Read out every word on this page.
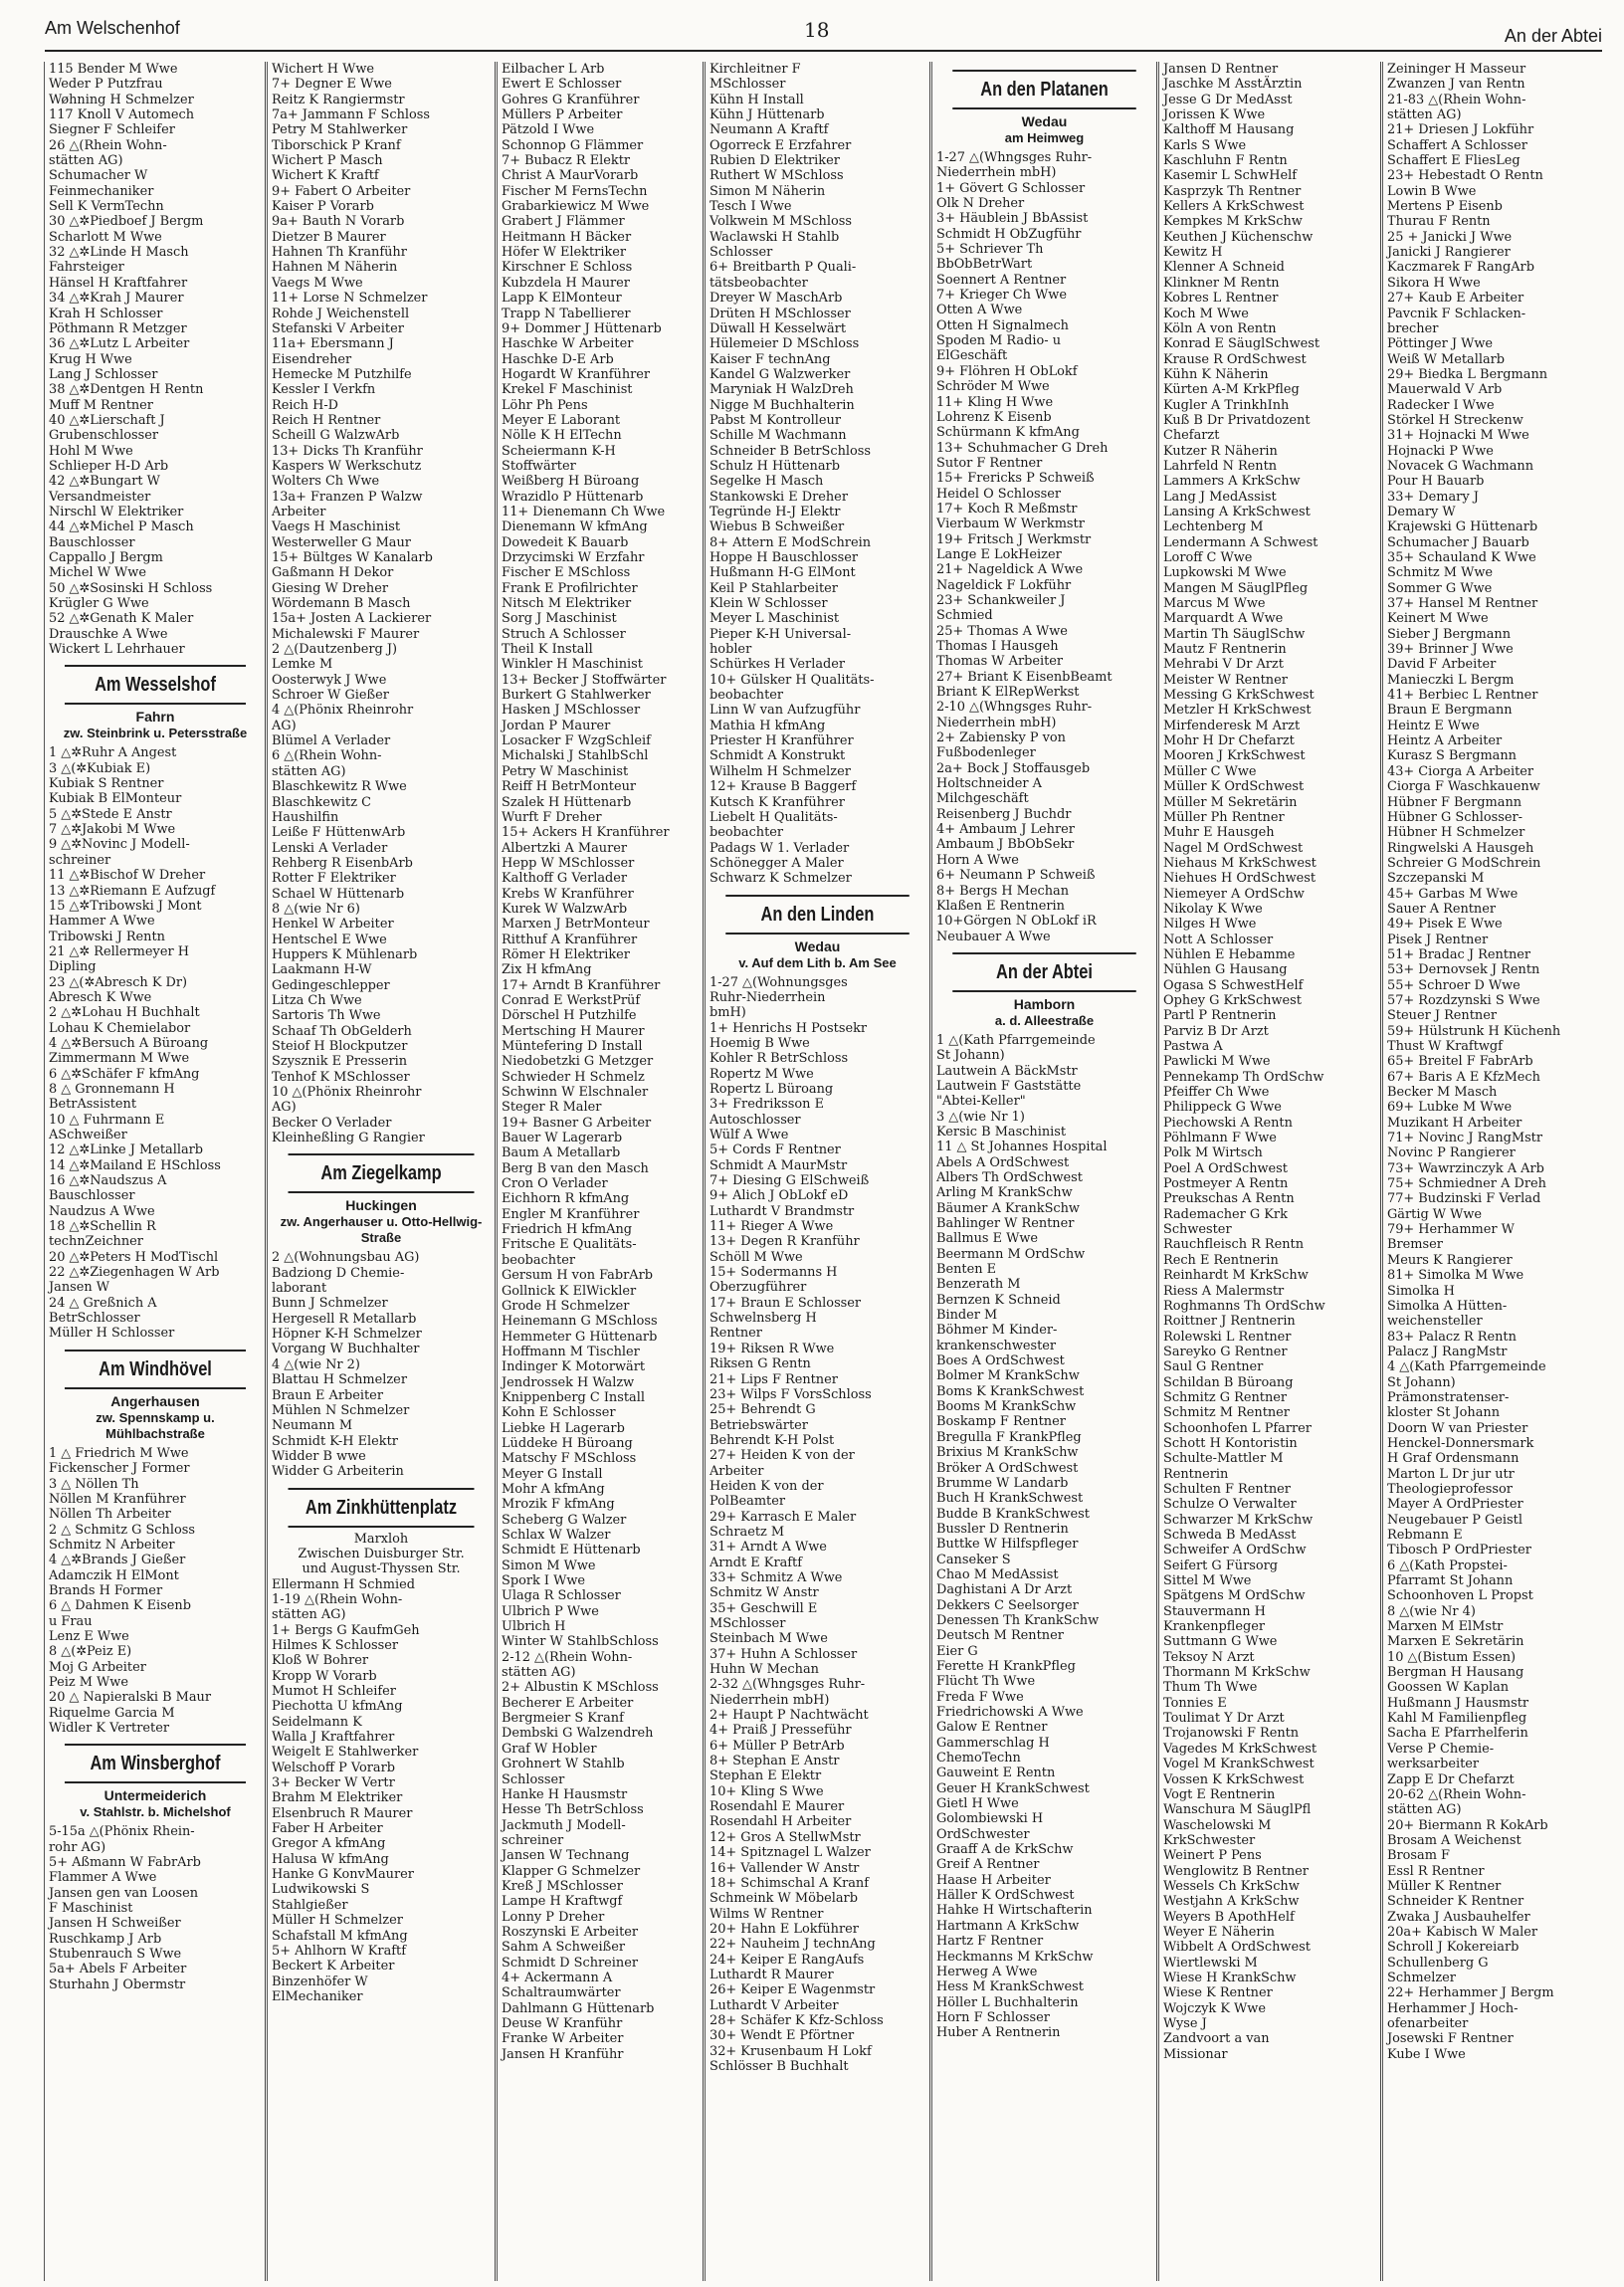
Am Welschenhof	18	An der Abtei
115 Bender M Wwe
Weder P Putzfrau
Wøhning H Schmelzer
117 Knoll V Automech
Siegner F Schleifer
26 △(Rhein Wohn-
stätten AG)
Schumacher W
Feinmechaniker
Sell K VermTechn
30 △✲Piedboef J Bergm
Scharlott M Wwe
32 △✲Linde H Masch
Fahrsteiger
Hänsel H Kraftfahrer
34 △✲Krah J Maurer
Krah H Schlosser
Pöthmann R Metzger
36 △✲Lutz L Arbeiter
Krug H Wwe
Lang J Schlosser
38 △✲Dentgen H Rentn
Muff M Rentner
40 △✲Lierschaft J
Grubenschlosser
Hohl M Wwe
Schlieper H-D Arb
42 △✲Bungart W
Versandmeister
Nirschl W Elektriker
44 △✲Michel P Masch
Bauschlosser
Cappallo J Bergm
Michel W Wwe
50 △✲Sosinski H Schloss
Krügler G Wwe
52 △✲Genath K Maler
Drauschke A Wwe
Wickert L Lehrhauer
Am Wesselshof
Fahrn
zw. Steinbrink u. Petersstraße
1 △✲Ruhr A Angest
3 △(✲Kubiak E)
Kubiak S Rentner
Kubiak B ElMonteur
5 △✲Stede E Anstr
7 △✲Jakobi M Wwe
9 △✲Novinc J Modell-
schreiner
11 △✲Bischof W Dreher
13 △✲Riemann E Aufzugf
15 △✲Tribowski J Mont
Hammer A Wwe
Tribowski J Rentn
21 △✲ Rellermeyer H
Dipling
23 △(✲Abresch K Dr)
Abresch K Wwe
2 △✲Lohau H Buchhalt
Lohau K Chemielabor
4 △✲Bersuch A Büroang
Zimmermann M Wwe
6 △✲Schäfer F kfmAng
8 △ Gronnemann H
BetrAssistent
10 △ Fuhrmann E
ASchweißer
12 △✲Linke J Metallarb
14 △✲Mailand E HSchloss
16 △✲Naudszus A
Bauschlosser
Naudzus A Wwe
18 △✲Schellin R
technZeichner
20 △✲Peters H ModTischl
22 △✲Ziegenhagen W Arb
Jansen W
24 △ Greßnich A
BetrSchlosser
Müller H Schlosser
Am Windhövel
Angerhausen
zw. Spennskamp u. Mühlbachstraße
1 △ Friedrich M Wwe
Fickenscher J Former
3 △ Nöllen Th
Nöllen M Kranführer
Nöllen Th Arbeiter
2 △ Schmitz G Schloss
Schmitz N Arbeiter
4 △✲Brands J Gießer
Adamczik H ElMont
Brands H Former
6 △ Dahmen K Eisenb
u Frau
Lenz E Wwe
8 △(✲Peiz E)
Moj G Arbeiter
Peiz M Wwe
20 △ Napieralski B Maur
Riquelme Garcia M
Widler K Vertreter
Am Winsberghof
Untermeiderich
v. Stahlstr. b. Michelshof
5-15a △(Phönix Rhein-
rohr AG)
5+ Aßmann W FabrArb
Flammer A Wwe
Jansen gen van Loosen
F Maschinist
Jansen H Schweißer
Ruschkamp J Arb
Stubenrauch S Wwe
5a+ Abels F Arbeiter
Sturhahn J Obermstr
Wichert H Wwe
7+ Degner E Wwe
Reitz K Rangiermstr
7a+ Jammann F Schloss
Petry M Stahlwerker
Tiborschick P Kranf
Wichert P Masch
Wichert K Kraftf
9+ Fabert O Arbeiter
Kaiser P Vorarb
9a+ Bauth N Vorarb
Dietzer B Maurer
Hahnen Th Kranführ
Hahnen M Näherin
Vaegs M Wwe
11+ Lorse N Schmelzer
Rohde J Weichenstell
Stefanski V Arbeiter
11a+ Ebersmann J
Eisendreher
Hemecke M Putzhilfe
Kessler I Verkfn
Reich H-D
Reich H Rentner
Scheill G WalzwArb
13+ Dicks Th Kranführ
Kaspers W Werkschutz
Wolters Ch Wwe
13a+ Franzen P Walzw
Arbeiter
Vaegs H Maschinist
Westerweller G Maur
15+ Bültges W Kanalarb
Gaßmann H Dekor
Giesing W Dreher
Wördemann B Masch
15a+ Josten A Lackierer
Michalewski F Maurer
2 △(Dautzenberg J)
Lemke M
Oosterwyk J Wwe
Schroer W Gießer
4 △(Phönix Rheinrohr
AG)
Blümel A Verlader
6 △(Rhein Wohn-
stätten AG)
Blaschkewitz R Wwe
Blaschkewitz C
Haushilfin
Leiße F HüttenwArb
Lenski A Verlader
Rehberg R EisenbArb
Rotter F Elektriker
Schael W Hüttenarb
8 △(wie Nr 6)
Henkel W Arbeiter
Hentschel E Wwe
Huppers K Mühlenarb
Laakmann H-W
Gedingeschlepper
Litza Ch Wwe
Sartoris Th Wwe
Schaaf Th ObGelderh
Steiof H Blockputzer
Szysznik E Presserin
Tenhof K MSchlosser
10 △(Phönix Rheinrohr
AG)
Becker O Verlader
Kleinheßling G Rangier
Am Ziegelkamp
Huckingen
zw. Angerhauser u. Otto-Hellwig-Straße
2 △(Wohnungsbau AG)
Badziong D Chemie-
laborant
Bunn J Schmelzer
Hergesell R Metallarb
Höpner K-H Schmelzer
Vorgang W Buchhalter
4 △(wie Nr 2)
Blattau H Schmelzer
Braun E Arbeiter
Mühlen N Schmelzer
Neumann M
Schmidt K-H Elektr
Widder B wwe
Widder G Arbeiterin
Am Zinkhüttenplatz
Marxloh
Zwischen Duisburger Str.
und August-Thyssen Str.
Ellermann H Schmied
1-19 △(Rhein Wohn-
stätten AG)
1+ Bergs G KaufmGeh
Hilmes K Schlosser
Kloß W Bohrer
Kropp W Vorarb
Mumot H Schleifer
Piechotta U kfmAng
Seidelmann K
Walla J Kraftfahrer
Weigelt E Stahlwerker
Welschoff P Vorarb
3+ Becker W Vertr
Brahm M Elektriker
Elsenbruch R Maurer
Faber H Arbeiter
Gregor A kfmAng
Halusa W kfmAng
Hanke G KonvMaurer
Ludwikowski S
Stahlgießer
Müller H Schmelzer
Schafstall M kfmAng
5+ Ahlhorn W Kraftf
Beckert K Arbeiter
Binzenhöfer W
ElMechaniker
Eilbacher L Arb
Ewert E Schlosser
Gohres G Kranführer
Müllers P Arbeiter
Pätzold I Wwe
Schonnop G Flämmer
7+ Bubacz R Elektr
Christ A MaurVorarb
Fischer M FernsTechn
Grabarkiewicz M Wwe
Grabert J Flämmer
Heitmann H Bäcker
Höfer W Elektriker
Kirschner E Schloss
Kubzdela H Maurer
Lapp K ElMonteur
Trapp N Tabellierer
9+ Dommer J Hüttenarb
Haschke W Arbeiter
Haschke D-E Arb
Hogardt W Kranführer
Krekel F Maschinist
Löhr Ph Pens
Meyer E Laborant
Nölle K H ElTechn
Scheiermann K-H
Stoffwärter
Weißberg H Büroang
Wrazidlo P Hüttenarb
11+ Dienemann Ch Wwe
Dienemann W kfmAng
Dowedeit K Bauarb
Drzycimski W Erzfahr
Fischer E MSchloss
Frank E Profilrichter
Nitsch M Elektriker
Sorg J Maschinist
Struch A Schlosser
Theil K Install
Winkler H Maschinist
13+ Becker J Stoffwärter
Burkert G Stahlwerker
Hasken J MSchlosser
Jordan P Maurer
Losacker F WzgSchleif
Michalski J StahlbSchl
Petry W Maschinist
Reiff H BetrMonteur
Szalek H Hüttenarb
Wurft F Dreher
15+ Ackers H Kranführer
Albertzki A Maurer
Hepp W MSchlosser
Kalthoff G Verlader
Krebs W Kranführer
Kurek W WalzwArb
Marxen J BetrMonteur
Ritthuf A Kranführer
Römer H Elektriker
Zix H kfmAng
17+ Arndt B Kranführer
Conrad E WerkstPrüf
Dörschel H Putzhilfe
Mertsching H Maurer
Müntefering D Install
Niedobetzki G Metzger
Schwieder H Schmelz
Schwinn W Elschnaler
Steger R Maler
19+ Basner G Arbeiter
Bauer W Lagerarb
Baum A Metallarb
Berg B van den Masch
Cron O Verlader
Eichhorn R kfmAng
Engler M Kranführer
Friedrich H kfmAng
Fritsche E Qualitäts-
beobachter
Gersum H von FabrArb
Gollnick K ElWickler
Grode H Schmelzer
Heinemann G MSchloss
Hemmeter G Hüttenarb
Hoffmann M Tischler
Indinger K Motorwärt
Jendrossek H Walzw
Knippenberg C Install
Kohn E Schlosser
Liebke H Lagerarb
Lüddeke H Büroang
Matschy F MSchloss
Meyer G Install
Mohr A kfmAng
Mrozik F kfmAng
Scheberg G Walzer
Schlax W Walzer
Schmidt E Hüttenarb
Simon M Wwe
Spork I Wwe
Ulaga R Schlosser
Ulbrich P Wwe
Ulbrich H
Winter W StahlbSchloss
2-12 △(Rhein Wohn-
stätten AG)
2+ Albustin K MSchloss
Becherer E Arbeiter
Bergmeier S Kranf
Dembski G Walzendreh
Graf W Hobler
Grohnert W Stahlb
Schlosser
Hanke H Hausmstr
Hesse Th BetrSchloss
Jackmuth J Modell-
schreiner
Jansen W Technang
Klapper G Schmelzer
Kreß J MSchlosser
Lampe H Kraftwgf
Lonny P Dreher
Roszynski E Arbeiter
Sahm A Schweißer
Schmidt D Schreiner
4+ Ackermann A
Schaltraumwärter
Dahlmann G Hüttenarb
Deuse W Kranführ
Franke W Arbeiter
Jansen H Kranführ
Kirchleitner F
MSchlosser
Kühn H Install
Kühn J Hüttenarb
Neumann A Kraftf
Ogorreck E Erzfahrer
Rubien D Elektriker
Ruthert W MSchloss
Simon M Näherin
Tesch I Wwe
Volkwein M MSchloss
Waclawski H Stahlb
Schlosser
6+ Breitbarth P Quali-
tätsbeobachter
Dreyer W MaschArb
Drüten H MSchlosser
Düwall H Kesselwärt
Hülemeier D MSchloss
Kaiser F technAng
Kandel G Walzwerker
Maryniak H WalzDreh
Nigge M Buchhalterin
Pabst M Kontrolleur
Schille M Wachmann
Schneider B BetrSchloss
Schulz H Hüttenarb
Segelke H Masch
Stankowski E Dreher
Tegründe H-J Elektr
Wiebus B Schweißer
8+ Attern E ModSchrein
Hoppe H Bauschlosser
Hußmann H-G ElMont
Keil P Stahlarbeiter
Klein W Schlosser
Meyer L Maschinist
Pieper K-H Universal-
hobler
Schürkes H Verlader
10+ Gülsker H Qualitäts-
beobachter
Linn W van Aufzugführ
Mathia H kfmAng
Priester H Kranführer
Schmidt A Konstrukt
Wilhelm H Schmelzer
12+ Krause B Baggerf
Kutsch K Kranführer
Liebelt H Qualitäts-
beobachter
Padags W 1. Verlader
Schönegger A Maler
Schwarz K Schmelzer
An den Linden
Wedau
v. Auf dem Lith b. Am See
1-27 △(Wohnungsges
Ruhr-Niederrhein
bmH)
1+ Henrichs H Postsekr
Hoemig B Wwe
Kohler R BetrSchloss
Ropertz M Wwe
Ropertz L Büroang
3+ Fredriksson E
Autoschlosser
Wülf A Wwe
5+ Cords F Rentner
Schmidt A MaurMstr
7+ Diesing G ElSchweiß
9+ Alich J ObLokf eD
Luthardt V Brandmstr
11+ Rieger A Wwe
13+ Degen R Kranführ
Schöll M Wwe
15+ Sodermanns H
Oberzugführer
17+ Braun E Schlosser
Schwelnsberg H
Rentner
19+ Riksen R Wwe
Riksen G Rentn
21+ Lips F Rentner
23+ Wilps F VorsSchloss
25+ Behrendt G
Betriebswärter
Behrendt K-H Polst
27+ Heiden K von der
Arbeiter
Heiden K von der
PolBeamter
29+ Karrasch E Maler
Schraetz M
31+ Arndt A Wwe
Arndt E Kraftf
33+ Schmitz A Wwe
Schmitz W Anstr
35+ Geschwill E
MSchlosser
Steinbach M Wwe
37+ Huhn A Schlosser
Huhn W Mechan
2-32 △(Whngsges Ruhr-
Niederrhein mbH)
2+ Haupt P Nachtwächt
4+ Praiß J Presseführ
6+ Müller P BetrArb
8+ Stephan E Anstr
Stephan E Elektr
10+ Kling S Wwe
Rosendahl E Maurer
Rosendahl H Arbeiter
12+ Gros A StellwMstr
14+ Spitznagel L Walzer
16+ Vallender W Anstr
18+ Schimschal A Kranf
Schmeink W Möbelarb
Wilms W Rentner
20+ Hahn E Lokführer
22+ Nauheim J technAng
24+ Keiper E RangAufs
Luthardt R Maurer
26+ Keiper E Wagenmstr
Luthardt V Arbeiter
28+ Schäfer K Kfz-Schloss
30+ Wendt E Pförtner
32+ Krusenbaum H Lokf
Schlösser B Buchhalt
An den Platanen
Wedau
am Heimweg
1-27 △(Whngsges Ruhr-
Niederrhein mbH)
1+ Gövert G Schlosser
Olk N Dreher
3+ Häublein J BbAssist
Schmidt H ObZugführ
5+ Schriever Th
BbObBetrWart
Soennert A Rentner
7+ Krieger Ch Wwe
Otten A Wwe
Otten H Signalmech
Spoden M Radio- u
ElGeschäft
9+ Flöhren H ObLokf
Schröder M Wwe
11+ Kling H Wwe
Lohrenz K Eisenb
Schürmann K kfmAng
13+ Schuhmacher G Dreh
Sutor F Rentner
15+ Frericks P Schweiß
Heidel O Schlosser
17+ Koch R Meßmstr
Vierbaum W Werkmstr
19+ Fritsch J Werkmstr
Lange E LokHeizer
21+ Nageldick A Wwe
Nageldick F Lokführ
23+ Schankweiler J
Schmied
25+ Thomas A Wwe
Thomas I Hausgeh
Thomas W Arbeiter
27+ Briant K EisenbBeamt
Briant K ElRepWerkst
2-10 △(Whngsges Ruhr-
Niederrhein mbH)
2+ Zabiensky P von
Fußbodenleger
2a+ Bock J Stoffausgeb
Holtschneider A
Milchgeschäft
Reisenberg J Buchdr
4+ Ambaum J Lehrer
Ambaum J BbObSekr
Horn A Wwe
6+ Neumann P Schweiß
8+ Bergs H Mechan
Klaßen E Rentnerin
10+Görgen N ObLokf iR
Neubauer A Wwe
An der Abtei
Hamborn
a. d. Alleestraße
1 △(Kath Pfarrgemeinde
St Johann)
Lautwein A BäckMstr
Lautwein F Gaststätte
"Abtei-Keller"
3 △(wie Nr 1)
Kersic B Maschinist
11 △ St Johannes Hospital
Abels A OrdSchwest
Albers Th OrdSchwest
Arling M KrankSchw
Bäumer A KrankSchw
Bahlinger W Rentner
Ballmus E Wwe
Beermann M OrdSchw
Benten E
Benzerath M
Bernzen K Schneid
Binder M
Böhmer M Kinder-
krankenschwester
Boes A OrdSchwest
Bolmer M KrankSchw
Boms K KrankSchwest
Booms M KrankSchw
Boskamp F Rentner
Bregulla F KrankPfleg
Brixius M KrankSchw
Bröker A OrdSchwest
Brumme W Landarb
Buch H KrankSchwest
Budde B KrankSchwest
Bussler D Rentnerin
Buttke W Hilfspfleger
Canseker S
Chao M MedAssist
Daghistani A Dr Arzt
Dekkers C Seelsorger
Denessen Th KrankSchw
Deutsch M Rentner
Eier G
Ferette H KrankPfleg
Flücht Th Wwe
Freda F Wwe
Friedrichowski A Wwe
Galow E Rentner
Gammerschlag H
ChemoTechn
Gauweint E Rentn
Geuer H KrankSchwest
Gietl H Wwe
Golombiewski H
OrdSchwester
Graaff A de KrkSchw
Greif A Rentner
Haase H Arbeiter
Häller K OrdSchwest
Hahke H Wirtschafterin
Hartmann A KrkSchw
Hartz F Rentner
Heckmanns M KrkSchw
Herweg A Wwe
Hess M KrankSchwest
Höller L Buchhalterin
Horn F Schlosser
Huber A Rentnerin
Jansen D Rentner
Jaschke M AsstÄrztin
Jesse G Dr MedAsst
Jorissen K Wwe
Kalthoff M Hausang
Karls S Wwe
Kaschluhn F Rentn
Kasemir L SchwHelf
Kasprzyk Th Rentner
Kellers A KrkSchwest
Kempkes M KrkSchw
Keuthen J Küchenschw
Kewitz H
Klenner A Schneid
Klinkner M Rentn
Kobres L Rentner
Koch M Wwe
Köln A von Rentn
Konrad E SäuglSchwest
Krause R OrdSchwest
Kühn K Näherin
Kürten A-M KrkPfleg
Kugler A TrinkhInh
Kuß B Dr Privatdozent
Chefarzt
Kutzer R Näherin
Lahrfeld N Rentn
Lammers A KrkSchw
Lang J MedAssist
Lansing A KrkSchwest
Lechtenberg M
Lendermann A Schwest
Loroff C Wwe
Lupkowski M Wwe
Mangen M SäuglPfleg
Marcus M Wwe
Marquardt A Wwe
Martin Th SäuglSchw
Mautz F Rentnerin
Mehrabi V Dr Arzt
Meister W Rentner
Messing G KrkSchwest
Metzler H KrkSchwest
Mirfenderesk M Arzt
Mohr H Dr Chefarzt
Mooren J KrkSchwest
Müller C Wwe
Müller K OrdSchwest
Müller M Sekretärin
Müller Ph Rentner
Muhr E Hausgeh
Nagel M OrdSchwest
Niehaus M KrkSchwest
Niehues H OrdSchwest
Niemeyer A OrdSchw
Nikolay K Wwe
Nilges H Wwe
Nott A Schlosser
Nühlen E Hebamme
Nühlen G Hausang
Ogasa S SchwestHelf
Ophey G KrkSchwest
Partl P Rentnerin
Parviz B Dr Arzt
Pastwa A
Pawlicki M Wwe
Pennekamp Th OrdSchw
Pfeiffer Ch Wwe
Philippeck G Wwe
Piechowski A Rentn
Pöhlmann F Wwe
Polk M Wirtsch
Poel A OrdSchwest
Postmeyer A Rentn
Preukschas A Rentn
Rademacher G Krk
Schwester
Rauchfleisch R Rentn
Rech E Rentnerin
Reinhardt M KrkSchw
Riess A Malermstr
Roghmanns Th OrdSchw
Roittner J Rentnerin
Rolewski L Rentner
Sareyko G Rentner
Saul G Rentner
Schildan B Büroang
Schmitz G Rentner
Schmitz M Rentner
Schoonhofen L Pfarrer
Schott H Kontoristin
Schulte-Mattler M
Rentnerin
Schulten F Rentner
Schulze O Verwalter
Schwarzer M KrkSchw
Schweda B MedAsst
Schweifer A OrdSchw
Seifert G Fürsorg
Sittel M Wwe
Spätgens M OrdSchw
Stauvermann H
Krankenpfleger
Suttmann G Wwe
Teksoy N Arzt
Thormann M KrkSchw
Thum Th Wwe
Tonnies E
Toulimat Y Dr Arzt
Trojanowski F Rentn
Vagedes M KrkSchwest
Vogel M KrankSchwest
Vossen K KrkSchwest
Vogt E Rentnerin
Wanschura M SäuglPfl
Waschelowski M
KrkSchwester
Weinert P Pens
Wenglowitz B Rentner
Wessels Ch KrkSchw
Westjahn A KrkSchw
Weyers B ApothHelf
Weyer E Näherin
Wibbelt A OrdSchwest
Wiertlewski M
Wiese H KrankSchw
Wiese K Rentner
Wojczyk K Wwe
Wyse J
Zandvoort a van
Missionar
Zeininger H Masseur
Zwanzen J van Rentn
21-83 △(Rhein Wohn-
stätten AG)
21+ Driesen J Lokführ
Schaffert A Schlosser
Schaffert E FliesLeg
23+ Hebestadt O Rentn
Lowin B Wwe
Mertens P Eisenb
Thurau F Rentn
25 + Janicki J Wwe
Janicki J Rangierer
Kaczmarek F RangArb
Sikora H Wwe
27+ Kaub E Arbeiter
Pavcnik F Schlacken-
brecher
Pöttinger J Wwe
Weiß W Metallarb
29+ Biedka L Bergmann
Mauerwald V Arb
Radecker I Wwe
Störkel H Streckenw
31+ Hojnacki M Wwe
Hojnacki P Wwe
Novacek G Wachmann
Pour H Bauarb
33+ Demary J
Demary W
Krajewski G Hüttenarb
Schumacher J Bauarb
35+ Schauland K Wwe
Schmitz M Wwe
Sommer G Wwe
37+ Hansel M Rentner
Keinert M Wwe
Sieber J Bergmann
39+ Brinner J Wwe
David F Arbeiter
Manieczki L Bergm
41+ Berbiec L Rentner
Braun E Bergmann
Heintz E Wwe
Heintz A Arbeiter
Kurasz S Bergmann
43+ Ciorga A Arbeiter
Ciorga F Waschkauenw
Hübner F Bergmann
Hübner G Schlosser-
Hübner H Schmelzer
Ringwelski A Hausgeh
Schreier G ModSchrein
Szczepanski M
45+ Garbas M Wwe
Sauer A Rentner
49+ Pisek E Wwe
Pisek J Rentner
51+ Bradac J Rentner
53+ Dernovsek J Rentn
55+ Schroer D Wwe
57+ Rozdzynski S Wwe
Steuer J Rentner
59+ Hülstrunk H Küchenh
Thust W Kraftwgf
65+ Breitel F FabrArb
67+ Baris A E KfzMech
Becker M Masch
69+ Lubke M Wwe
Muzikant H Arbeiter
71+ Novinc J RangMstr
Novinc P Rangierer
73+ Wawrzinczyk A Arb
75+ Schmiedner A Dreh
77+ Budzinski F Verlad
Gärtig W Wwe
79+ Herhammer W
Bremser
Meurs K Rangierer
81+ Simolka M Wwe
Simolka H
Simolka A Hütten-
weichensteller
83+ Palacz R Rentn
Palacz J RangMstr
4 △(Kath Pfarrgemeinde
St Johann)
Prämonstratenser-
kloster St Johann
Doorn W van Priester
Henckel-Donnersmark
H Graf Ordensmann
Marton L Dr jur utr
Theologieprofessor
Mayer A OrdPriester
Neugebauer P Geistl
Rebmann E
Tibosch P OrdPriester
6 △(Kath Propstei-
Pfarramt St Johann
Schoonhoven L Propst
8 △(wie Nr 4)
Marxen M ElMstr
Marxen E Sekretärin
10 △(Bistum Essen)
Bergman H Hausang
Goossen W Kaplan
Hußmann J Hausmstr
Kahl M Familienpfleg
Sacha E Pfarrhelferin
Verse P Chemie-
werksarbeiter
Zapp E Dr Chefarzt
20-62 △(Rhein Wohn-
stätten AG)
20+ Biermann R KokArb
Brosam A Weichenst
Brosam F
Essl R Rentner
Müller K Rentner
Schneider K Rentner
Zwaka J Ausbauhelfer
20a+ Kabisch W Maler
Schroll J Kokereiarb
Schullenberg G
Schmelzer
22+ Herhammer J Bergm
Herhammer J Hoch-
ofenarbeiter
Josewski F Rentner
Kube I Wwe
